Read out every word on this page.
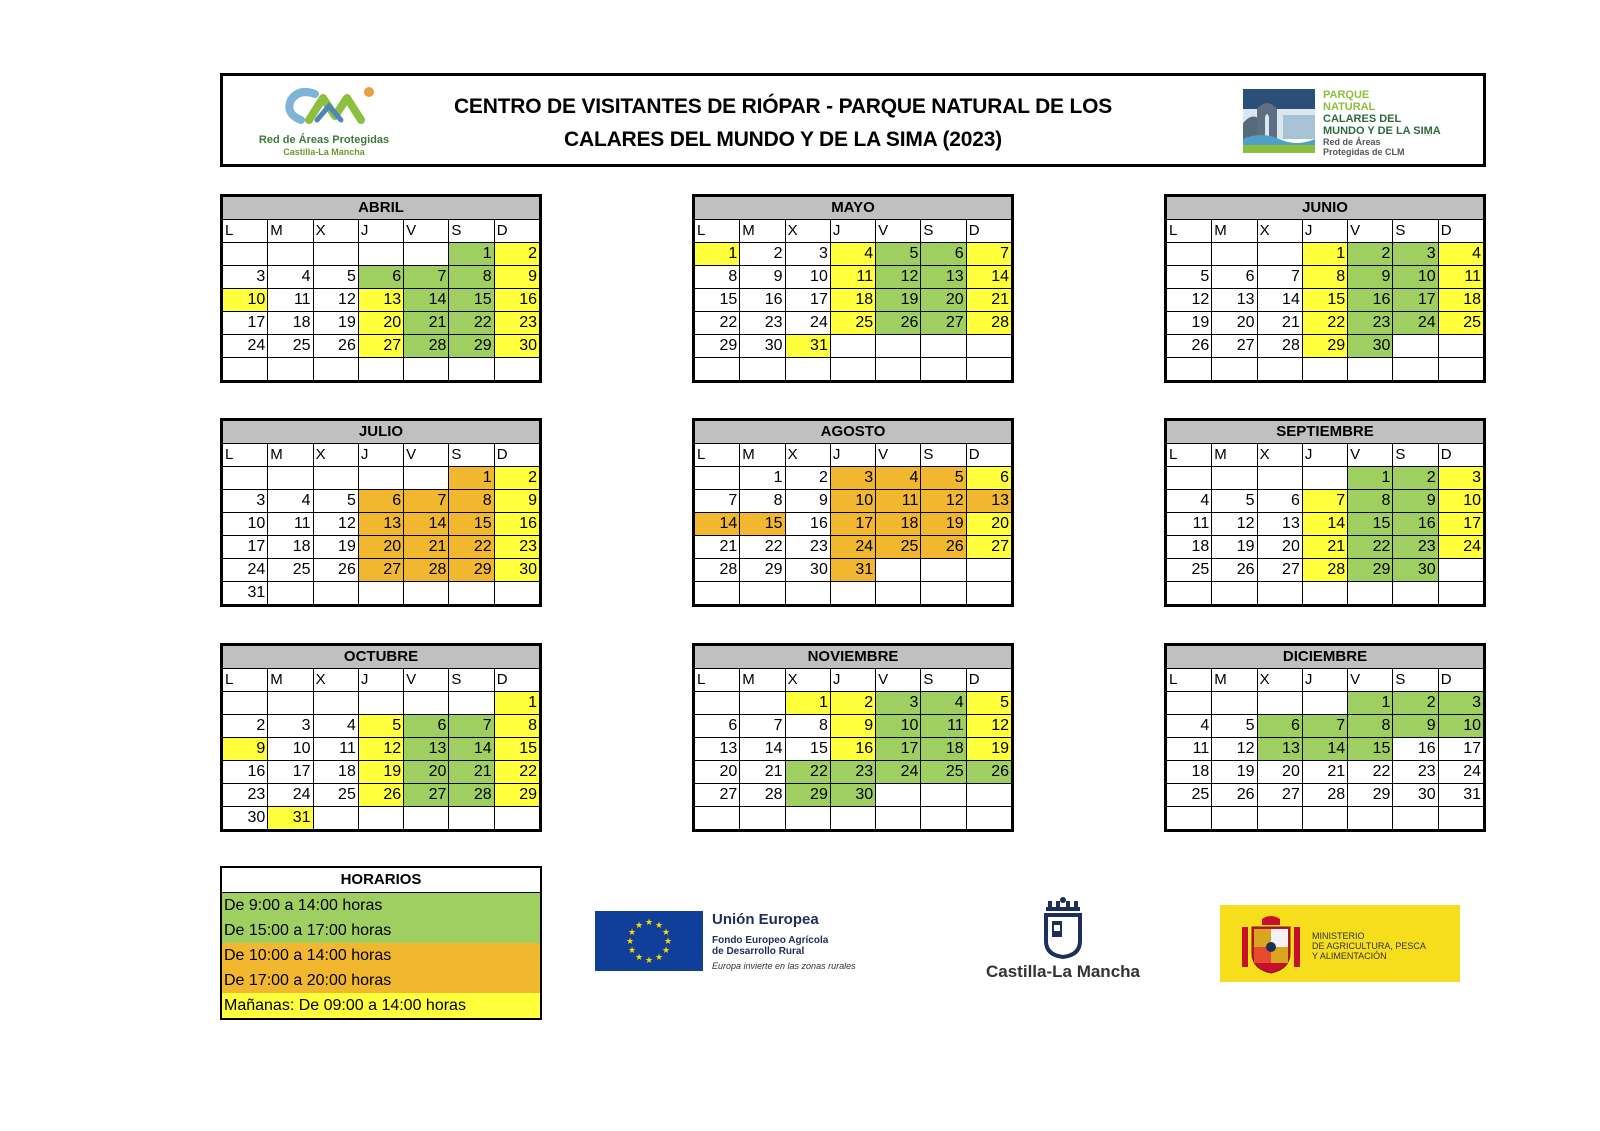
Red de Áreas Protegidas
Castilla-La Mancha
CENTRO DE VISITANTES DE RIÓPAR - PARQUE NATURAL DE LOS
CALARES DEL MUNDO Y DE LA SIMA (2023)
PARQUE
NATURAL
CALARES DEL
MUNDO Y DE LA SIMA
Red de Áreas
Protegidas de CLM
ABRIL						
L	M	X	J	V	S	D
					1	2
3	4	5	6	7	8	9
10	11	12	13	14	15	16
17	18	19	20	21	22	23
24	25	26	27	28	29	30

MAYO						
L	M	X	J	V	S	D
1	2	3	4	5	6	7
8	9	10	11	12	13	14
15	16	17	18	19	20	21
22	23	24	25	26	27	28
29	30	31				

JUNIO						
L	M	X	J	V	S	D
			1	2	3	4
5	6	7	8	9	10	11
12	13	14	15	16	17	18
19	20	21	22	23	24	25
26	27	28	29	30		

JULIO						
L	M	X	J	V	S	D
					1	2
3	4	5	6	7	8	9
10	11	12	13	14	15	16
17	18	19	20	21	22	23
24	25	26	27	28	29	30
31						
AGOSTO						
L	M	X	J	V	S	D
	1	2	3	4	5	6
7	8	9	10	11	12	13
14	15	16	17	18	19	20
21	22	23	24	25	26	27
28	29	30	31			

SEPTIEMBRE						
L	M	X	J	V	S	D
				1	2	3
4	5	6	7	8	9	10
11	12	13	14	15	16	17
18	19	20	21	22	23	24
25	26	27	28	29	30	

OCTUBRE						
L	M	X	J	V	S	D
						1
2	3	4	5	6	7	8
9	10	11	12	13	14	15
16	17	18	19	20	21	22
23	24	25	26	27	28	29
30	31					
NOVIEMBRE						
L	M	X	J	V	S	D
		1	2	3	4	5
6	7	8	9	10	11	12
13	14	15	16	17	18	19
20	21	22	23	24	25	26
27	28	29	30			

DICIEMBRE						
L	M	X	J	V	S	D
				1	2	3
4	5	6	7	8	9	10
11	12	13	14	15	16	17
18	19	20	21	22	23	24
25	26	27	28	29	30	31

HORARIOS
De 9:00 a 14:00 horas
De 15:00 a 17:00 horas
De 10:00 a 14:00 horas
De 17:00 a 20:00 horas
Mañanas: De 09:00 a 14:00 horas
★ ★
★
★
★
★
★
★
★
★
★
★	Unión Europea
Fondo Europeo Agrícola
de Desarrollo Rural
Europa invierte en las zonas rurales	Castilla-La Mancha
MINISTERIO
DE AGRICULTURA, PESCA
Y ALIMENTACIÓN
